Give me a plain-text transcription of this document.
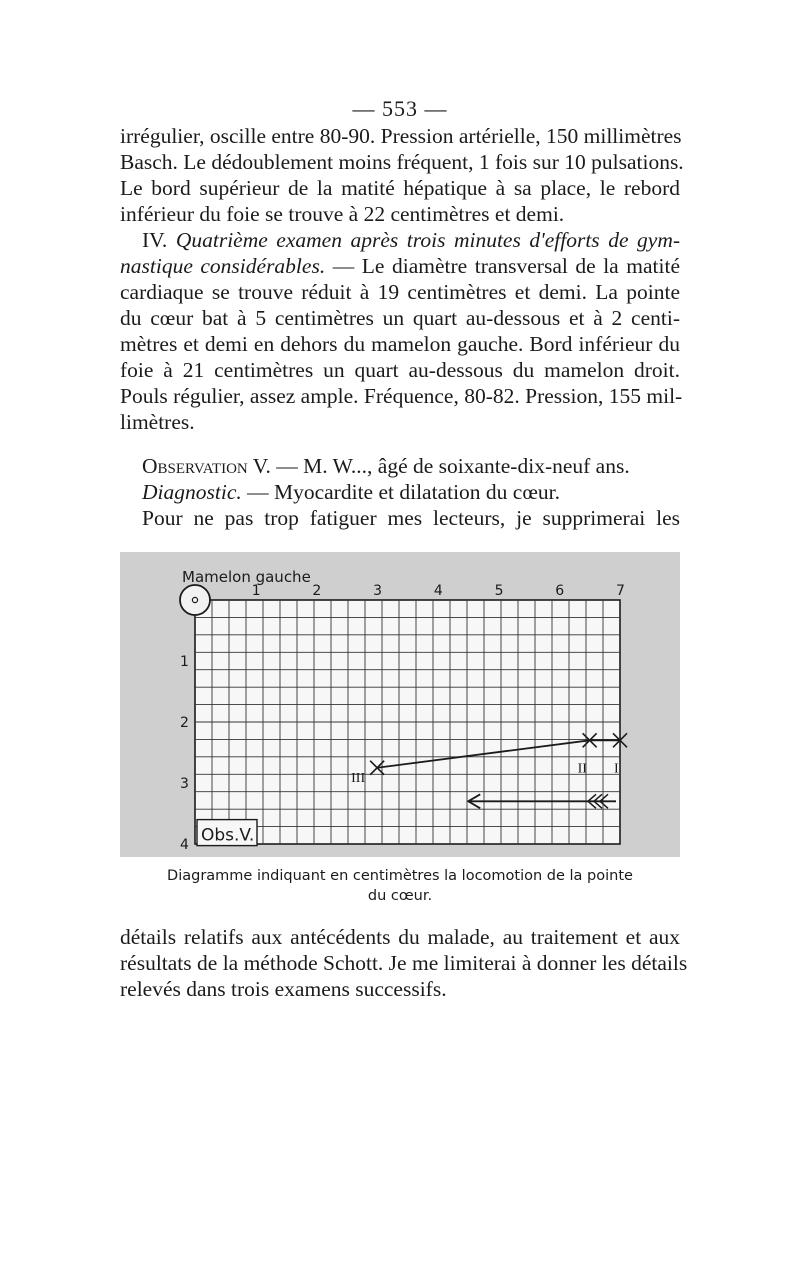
— 553 —
irrégulier, oscille entre 80-90. Pression artérielle, 150 millimètres
Basch. Le dédoublement moins fréquent, 1 fois sur 10 pulsations.
Le bord supérieur de la matité hépatique à sa place, le rebord
inférieur du foie se trouve à 22 centimètres et demi.
IV. Quatrième examen après trois minutes d'efforts de gym-
nastique considérables. — Le diamètre transversal de la matité
cardiaque se trouve réduit à 19 centimètres et demi. La pointe
du cœur bat à 5 centimètres un quart au-dessous et à 2 centi-
mètres et demi en dehors du mamelon gauche. Bord inférieur du
foie à 21 centimètres un quart au-dessous du mamelon droit.
Pouls régulier, assez ample. Fréquence, 80-82. Pression, 155 mil-
limètres.
Observation V. — M. W..., âgé de soixante-dix-neuf ans.
Diagnostic. — Myocardite et dilatation du cœur.
Pour ne pas trop fatiguer mes lecteurs, je supprimerai les
Mamelon gauche
1	2	3	4	5	6	7
1
2
3
4 Obs.V.
I
II
III
Diagramme indiquant en centimètres la locomotion de la pointe
du cœur.
détails relatifs aux antécédents du malade, au traitement et aux
résultats de la méthode Schott. Je me limiterai à donner les détails
relevés dans trois examens successifs.
